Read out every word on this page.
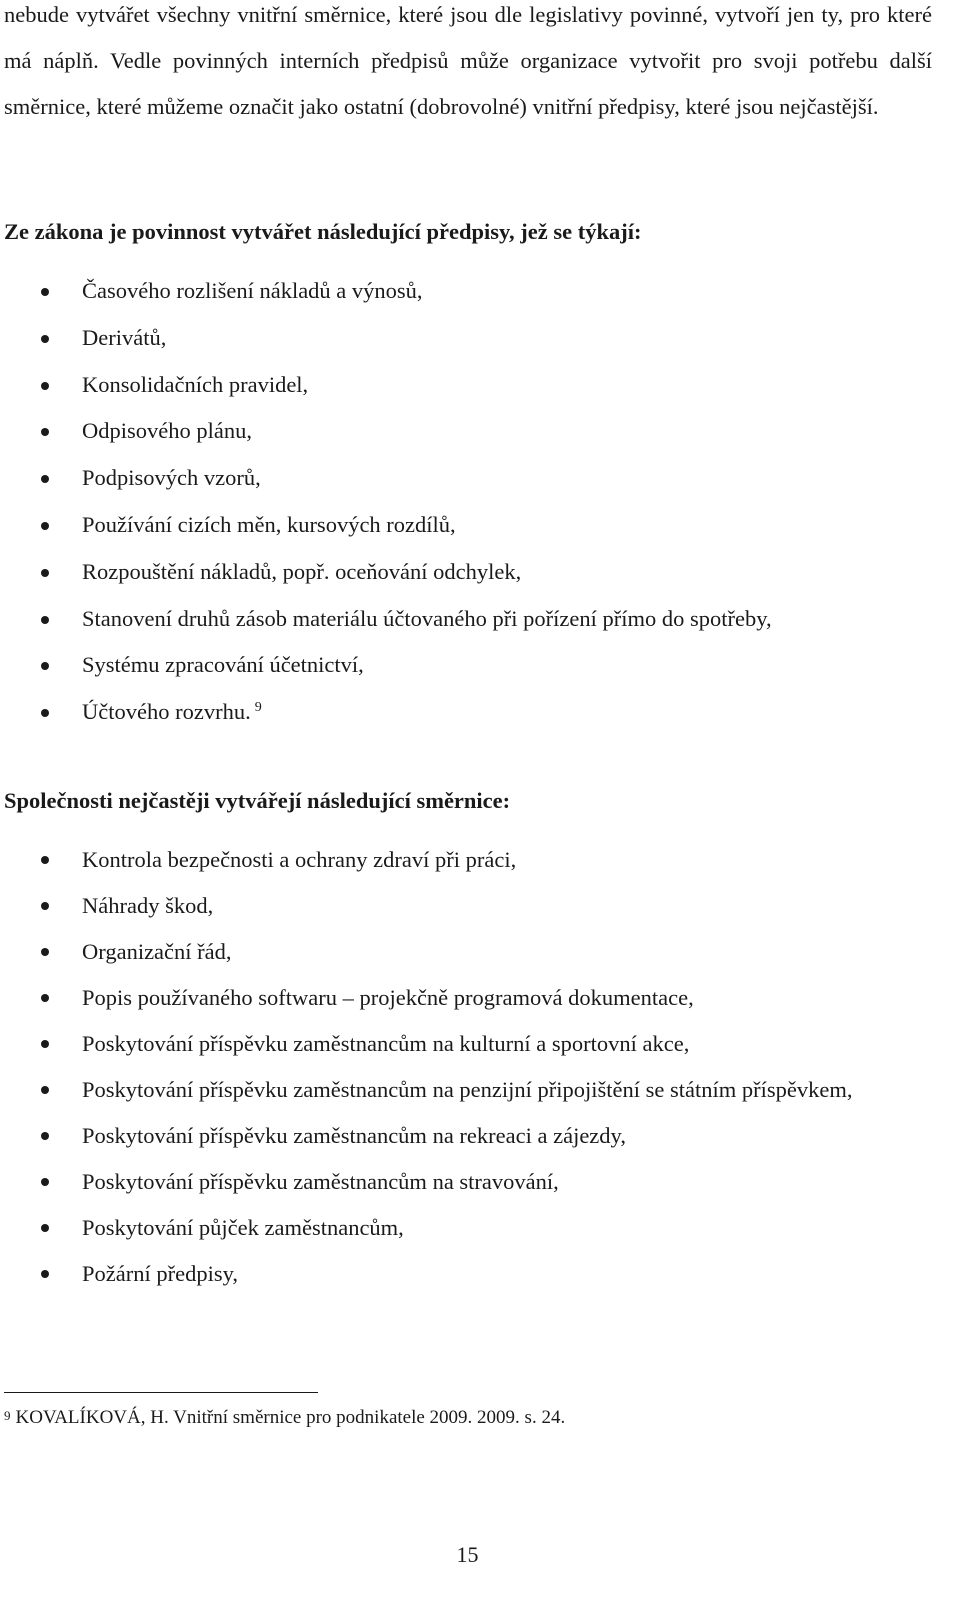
nebude vytvářet všechny vnitřní směrnice, které jsou dle legislativy povinné, vytvoří jen ty, pro které má náplň. Vedle povinných interních předpisů může organizace vytvořit pro svoji potřebu další směrnice, které můžeme označit jako ostatní (dobrovolné) vnitřní předpisy, které jsou nejčastější.

Ze zákona je povinnost vytvářet následující předpisy, jež se týkají:
Časového rozlišení nákladů a výnosů,
Derivátů,
Konsolidačních pravidel,
Odpisového plánu,
Podpisových vzorů,
Používání cizích měn, kursových rozdílů,
Rozpouštění nákladů, popř. oceňování odchylek,
Stanovení druhů zásob materiálu účtovaného při pořízení přímo do spotřeby,
Systému zpracování účetnictví,
Účtového rozvrhu. $^9$
Společnosti nejčastěji vytvářejí následující směrnice:
Kontrola bezpečnosti a ochrany zdraví při práci,
Náhrady škod,
Organizační řád,
Popis používaného softwaru – projekčně programová dokumentace,
Poskytování příspěvku zaměstnancům na kulturní a sportovní akce,
Poskytování příspěvku zaměstnancům na penzijní připojištění se státním příspěvkem,
Poskytování příspěvku zaměstnancům na rekreaci a zájezdy,
Poskytování příspěvku zaměstnancům na stravování,
Poskytování půjček zaměstnancům,
Požární předpisy,

$^9$ KOVALÍKOVÁ, H. Vnitřní směrnice pro podnikatele 2009. 2009. s. 24.

15
